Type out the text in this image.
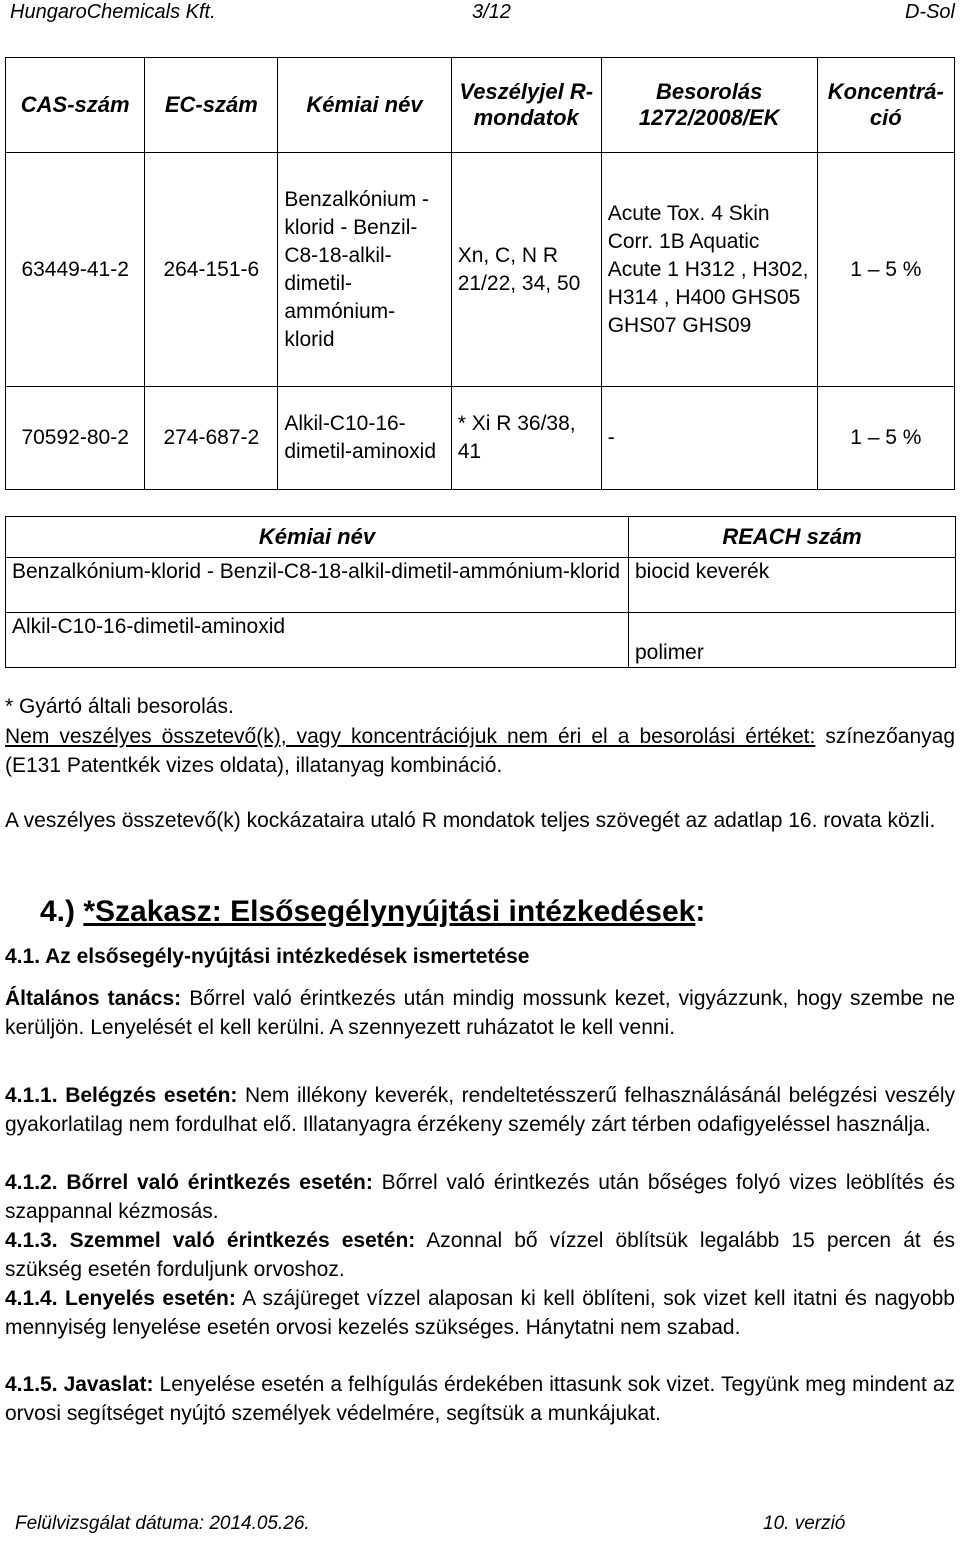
HungaroChemicals Kft.	3/12	D-Sol
CAS-szám	EC-szám	Kémiai név	Veszélyjel R-mondatok	Besorolás 1272/2008/EK	Koncentrá-ció
63449-41-2	264-151-6	Benzalkónium -klorid - Benzil-C8-18-alkil-dimetil-ammónium-klorid	Xn, C, N R 21/22, 34, 50	Acute Tox. 4 Skin Corr. 1B Aquatic Acute 1 H312 , H302, H314 , H400 GHS05 GHS07 GHS09	1 – 5 %
70592-80-2	274-687-2	Alkil-C10-16-dimetil-aminoxid	* Xi R 36/38, 41	-	1 – 5 %
Kémiai név	REACH szám
Benzalkónium-klorid - Benzil-C8-18-alkil-dimetil-ammónium-klorid	biocid keverék
Alkil-C10-16-dimetil-aminoxid	polimer
* Gyártó általi besorolás.
Nem veszélyes összetevő(k), vagy koncentrációjuk nem éri el a besorolási értéket: színezőanyag (E131 Patentkék vizes oldata), illatanyag kombináció.
A veszélyes összetevő(k) kockázataira utaló R mondatok teljes szövegét az adatlap 16. rovata közli.
4.) *Szakasz: Elsősegélynyújtási intézkedések:
4.1. Az elsősegély-nyújtási intézkedések ismertetése
Általános tanács: Bőrrel való érintkezés után mindig mossunk kezet, vigyázzunk, hogy szembe ne kerüljön. Lenyelését el kell kerülni. A szennyezett ruházatot le kell venni.
4.1.1. Belégzés esetén: Nem illékony keverék, rendeltetésszerű felhasználásánál belégzési veszély gyakorlatilag nem fordulhat elő. Illatanyagra érzékeny személy zárt térben odafigyeléssel használja.
4.1.2. Bőrrel való érintkezés esetén: Bőrrel való érintkezés után bőséges folyó vizes leöblítés és szappannal kézmosás.
4.1.3. Szemmel való érintkezés esetén: Azonnal bő vízzel öblítsük legalább 15 percen át és szükség esetén forduljunk orvoshoz.
4.1.4. Lenyelés esetén: A szájüreget vízzel alaposan ki kell öblíteni, sok vizet kell itatni és nagyobb mennyiség lenyelése esetén orvosi kezelés szükséges. Hánytatni nem szabad.
4.1.5. Javaslat: Lenyelése esetén a felhígulás érdekében ittasunk sok vizet. Tegyünk meg mindent az orvosi segítséget nyújtó személyek védelmére, segítsük a munkájukat.
Felülvizsgálat dátuma: 2014.05.26.	10. verzió
